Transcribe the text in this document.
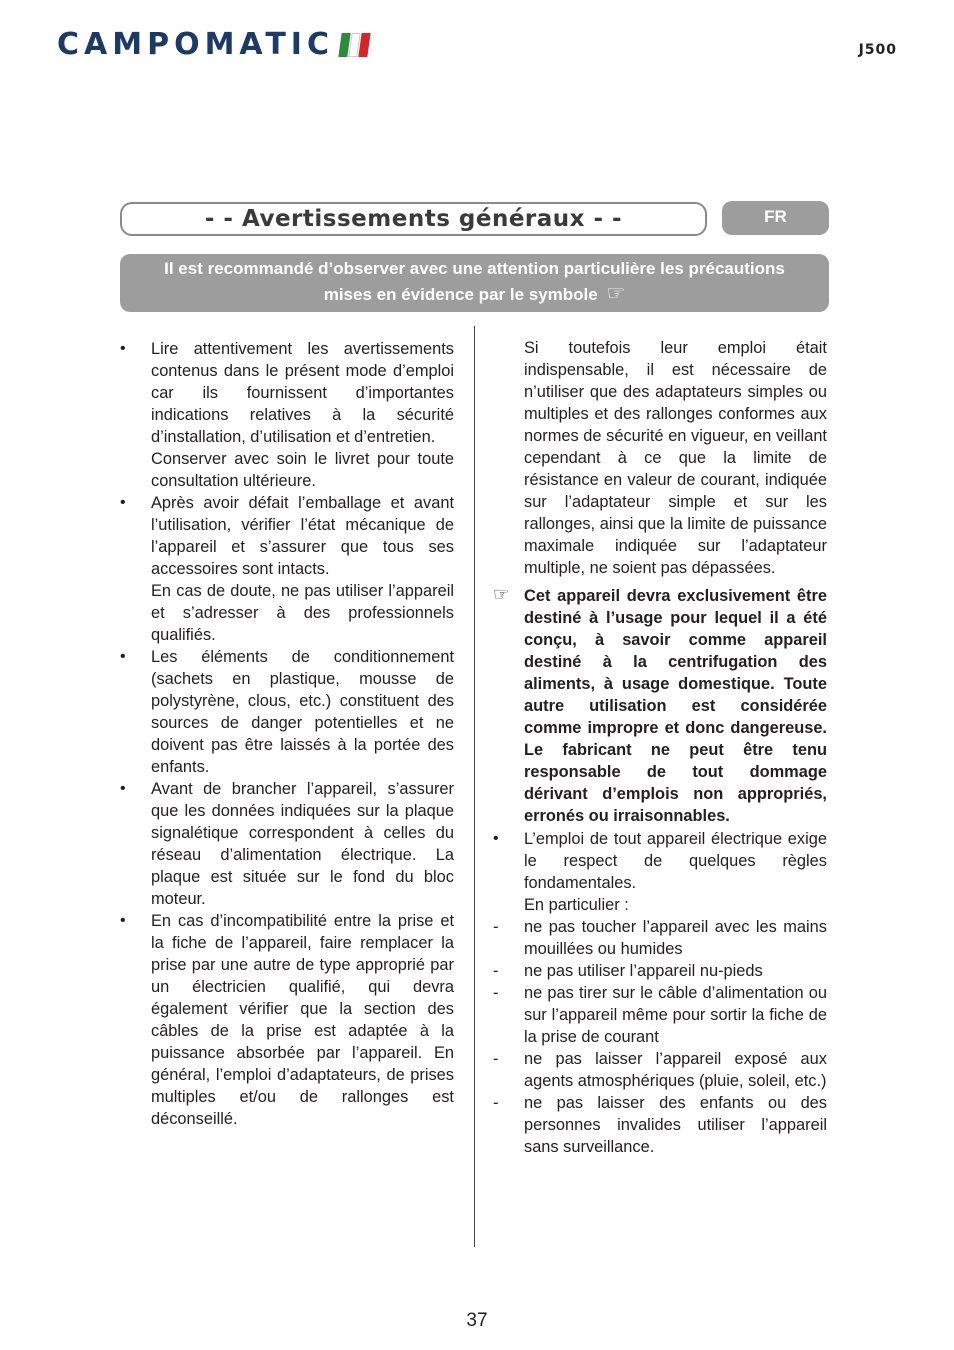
CAMPOMATIC	J500
- - Avertissements généraux - -	FR
Il est recommandé d’observer avec une attention particulière les précautions
mises en évidence par le symbole ☞
• Lire attentivement les avertissements contenus dans le présent mode d’emploi car ils fournissent d’importantes indications relatives à la sécurité d’installation, d’utilisation et d’entretien.

Conserver avec soin le livret pour toute consultation ultérieure.

• Après avoir défait l’emballage et avant l’utilisation, vérifier l’état mécanique de l’appareil et s’assurer que tous ses accessoires sont intacts.

En cas de doute, ne pas utiliser l’appareil et s’adresser à des professionnels qualifiés.

• Les éléments de conditionnement (sachets en plastique, mousse de polystyrène, clous, etc.) constituent des sources de danger potentielles et ne doivent pas être laissés à la portée des enfants.

• Avant de brancher l’appareil, s’assurer que les données indiquées sur la plaque signalétique correspondent à celles du réseau d’alimentation électrique. La plaque est située sur le fond du bloc moteur.

• En cas d’incompatibilité entre la prise et la fiche de l’appareil, faire remplacer la prise par une autre de type approprié par un électricien qualifié, qui devra également vérifier que la section des câbles de la prise est adaptée à la puissance absorbée par l’appareil. En général, l’emploi d’adaptateurs, de prises multiples et/ou de rallonges est déconseillé.

Si toutefois leur emploi était indispensable, il est nécessaire de n’utiliser que des adaptateurs simples ou multiples et des rallonges conformes aux normes de sécurité en vigueur, en veillant cependant à ce que la limite de résistance en valeur de courant, indiquée sur l’adaptateur simple et sur les rallonges, ainsi que la limite de puissance maximale indiquée sur l’adaptateur multiple, ne soient pas dépassées.

☞ Cet appareil devra exclusivement être destiné à l’usage pour lequel il a été conçu, à savoir comme appareil destiné à la centrifugation des aliments, à usage domestique. Toute autre utilisation est considérée comme impropre et donc dangereuse. Le fabricant ne peut être tenu responsable de tout dommage dérivant d’emplois non appropriés, erronés ou irraisonnables.

• L’emploi de tout appareil électrique exige le respect de quelques règles fondamentales.

En particulier :

- ne pas toucher l’appareil avec les mains mouillées ou humides
- ne pas utiliser l’appareil nu-pieds
- ne pas tirer sur le câble d’alimentation ou sur l’appareil même pour sortir la fiche de la prise de courant
- ne pas laisser l’appareil exposé aux agents atmosphériques (pluie, soleil, etc.)
- ne pas laisser des enfants ou des personnes invalides utiliser l’appareil sans surveillance.
37
